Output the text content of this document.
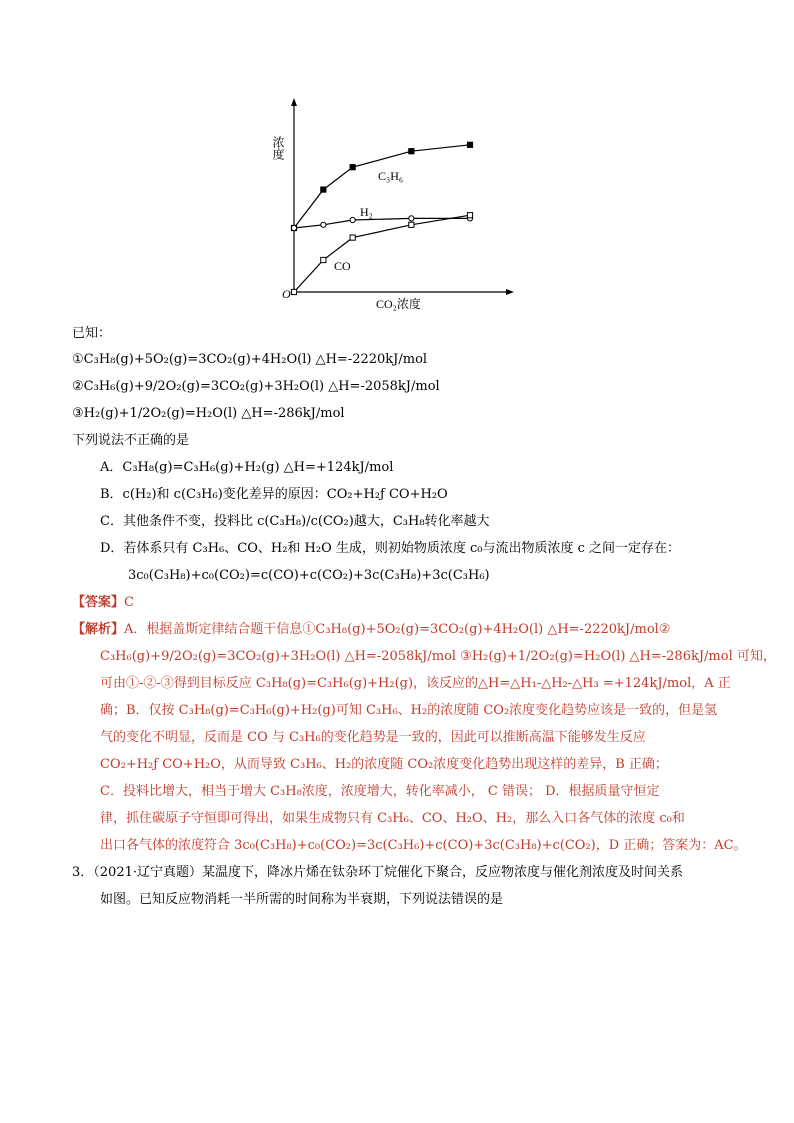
浓度
CO₂浓度
O
C₃H₆
H₂
CO
已知：
①C₃H₈(g)+5O₂(g)=3CO₂(g)+4H₂O(l) △H=-2220kJ/mol
②C₃H₆(g)+9/2O₂(g)=3CO₂(g)+3H₂O(l) △H=-2058kJ/mol
③H₂(g)+1/2O₂(g)=H₂O(l) △H=-286kJ/mol
下列说法不正确的是
A．C₃H₈(g)=C₃H₆(g)+H₂(g) △H=+124kJ/mol
B．c(H₂)和 c(C₃H₆)变化差异的原因：CO₂+H₂ƒ CO+H₂O
C．其他条件不变，投料比 c(C₃H₈)/c(CO₂)越大，C₃H₈转化率越大
D．若体系只有 C₃H₆、CO、H₂和 H₂O 生成，则初始物质浓度 c₀与流出物质浓度 c 之间一定存在：
3c₀(C₃H₈)+c₀(CO₂)=c(CO)+c(CO₂)+3c(C₃H₈)+3c(C₃H₆)
【答案】C
【解析】A．根据盖斯定律结合题干信息①C₃H₈(g)+5O₂(g)=3CO₂(g)+4H₂O(l) △H=-2220kJ/mol②
C₃H₆(g)+9/2O₂(g)=3CO₂(g)+3H₂O(l) △H=-2058kJ/mol ③H₂(g)+1/2O₂(g)=H₂O(l) △H=-286kJ/mol 可知，
可由①-②-③得到目标反应 C₃H₈(g)=C₃H₆(g)+H₂(g)，该反应的△H=△H₁-△H₂-△H₃ =+124kJ/mol，A 正
确；B．仅按 C₃H₈(g)=C₃H₆(g)+H₂(g)可知 C₃H₆、H₂的浓度随 CO₂浓度变化趋势应该是一致的，但是氢
气的变化不明显，反而是 CO 与 C₃H₆的变化趋势是一致的，因此可以推断高温下能够发生反应
CO₂+H₂ƒ CO+H₂O，从而导致 C₃H₆、H₂的浓度随 CO₂浓度变化趋势出现这样的差异，B 正确；
C．投料比增大，相当于增大 C₃H₈浓度，浓度增大，转化率减小， C 错误； D．根据质量守恒定
律，抓住碳原子守恒即可得出，如果生成物只有 C₃H₆、CO、H₂O、H₂，那么入口各气体的浓度 c₀和
出口各气体的浓度符合 3c₀(C₃H₈)+c₀(CO₂)=3c(C₃H₆)+c(CO)+3c(C₃H₈)+c(CO₂)，D 正确；答案为：AC。
3．（2021·辽宁真题）某温度下，降冰片烯在钛杂环丁烷催化下聚合，反应物浓度与催化剂浓度及时间关系
如图。已知反应物消耗一半所需的时间称为半衰期，下列说法错误的是
